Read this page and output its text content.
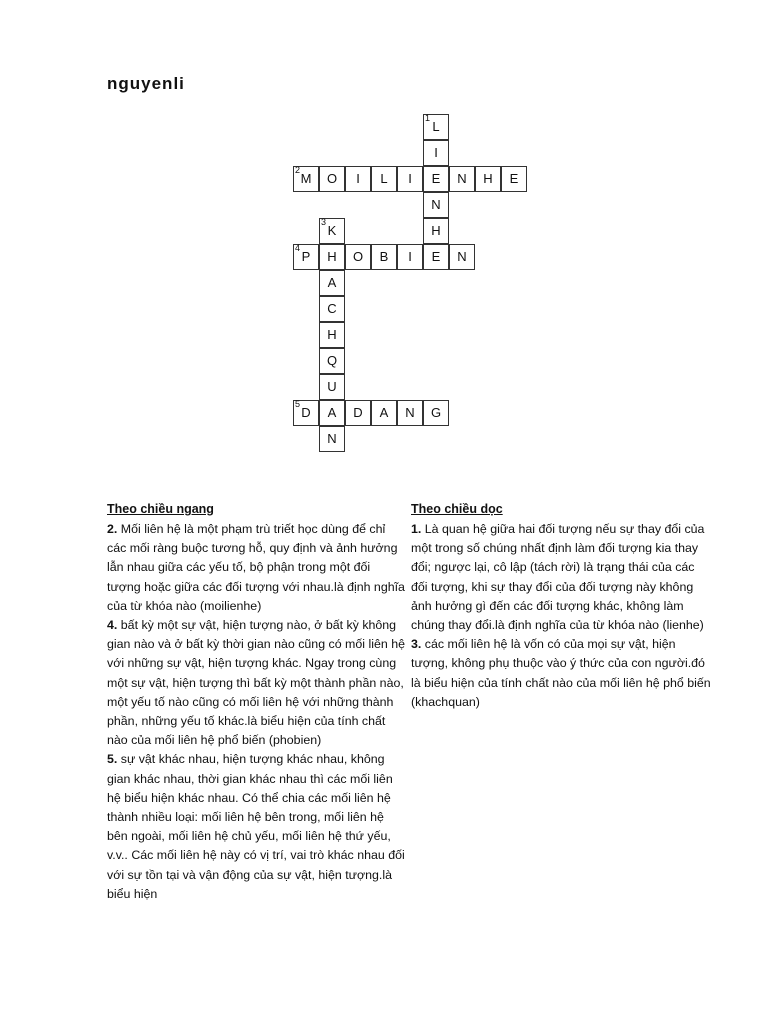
nguyenli
1
L
I
E
N
H
2
M	O	I	L	I	N	H	E
3
K
H
A
C
H
Q
U
A
N
4
P	O	B	I	E	N
5
D	D	A	N	G
Theo chiều ngang

2. Mối liên hệ là một phạm trù triết học dùng để chỉ các mối ràng buộc tương hỗ, quy định và ảnh hưởng lẫn nhau giữa các yếu tố, bộ phận trong một đối tượng hoặc giữa các đối tượng với nhau.là định nghĩa của từ khóa nào (moilienhe)

4. bất kỳ một sự vật, hiện tượng nào, ở bất kỳ không gian nào và ở bất kỳ thời gian nào cũng có mối liên hệ với những sự vật, hiện tượng khác. Ngay trong cùng một sự vật, hiện tượng thì bất kỳ một thành phần nào, một yếu tố nào cũng có mối liên hệ với những thành phần, những yếu tố khác.là biểu hiện của tính chất nào của mối liên hệ phổ biến (phobien)

5. sự vật khác nhau, hiện tượng khác nhau, không gian khác nhau, thời gian khác nhau thì các mối liên hệ biểu hiện khác nhau. Có thể chia các mối liên hệ thành nhiều loại: mối liên hệ bên trong, mối liên hệ bên ngoài, mối liên hệ chủ yếu, mối liên hệ thứ yếu, v.v.. Các mối liên hệ này có vị trí, vai trò khác nhau đối với sự tồn tại và vận động của sự vật, hiện tượng.là biểu hiện

Theo chiều dọc

1. Là quan hệ giữa hai đối tượng nếu sự thay đổi của một trong số chúng nhất định làm đối tượng kia thay đổi; ngược lại, cô lập (tách rời) là trạng thái của các đối tượng, khi sự thay đổi của đối tượng này không ảnh hưởng gì đến các đối tượng khác, không làm chúng thay đổi.là định nghĩa của từ khóa nào (lienhe)

3. các mối liên hệ là vốn có của mọi sự vật, hiện tượng, không phụ thuộc vào ý thức của con người.đó là biểu hiện của tính chất nào của mối liên hệ phổ biến (khachquan)
